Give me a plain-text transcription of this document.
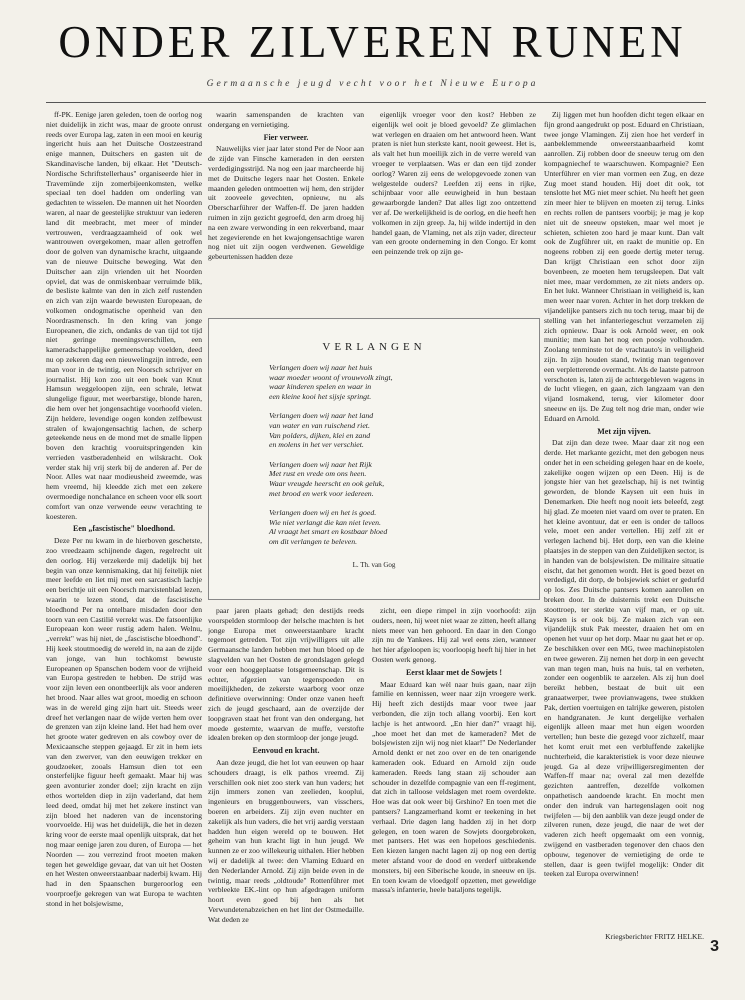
ONDER ZILVEREN RUNEN
Germaansche jeugd vecht voor het Nieuwe Europa

ff-PK. Eenige jaren geleden, toen de oorlog nog niet duidelijk in zicht was, maar de groote onrust reeds over Europa lag, zaten in een mooi en keurig ingericht huis aan het Duitsche Oostzeestrand enige mannen, Duitschers en gasten uit de Skandinavische landen, bij elkaar. Het "Deutsch-Nordische Schriftstellerhaus" organiseerde hier in Travemünde zijn zomerbijeenkomsten, welke speciaal ten doel hadden om onderling van gedachten te wisselen. De mannen uit het Noorden waren, al naar de geestelijke struktuur van iederen land dit meebracht, met meer of minder vertrouwen, verdraagzaamheid of ook wel wantrouwen overgekomen, maar allen getroffen door de golven van dynamische kracht, uitgaande van de nieuwe Duitsche beweging. Wat den Duitscher aan zijn vrienden uit het Noorden opviel, dat was de onmiskenbaar verruimde blik, de besliste kalmte van den in zich zelf rustenden en zich van zijn waarde bewusten Europeaan, de volkomen ondogmatische openheid van den Noordrasmensch. In den kring van jonge Europeanen, die zich, ondanks de van tijd tot tijd niet geringe meeningsverschillen, een kameradschappelijke gemeenschap voelden, deed nu op zekeren dag een nieuwelingzijn intrede, een man voor in de twintig, een Noorsch schrijver en journalist. Hij kon zoo uit een boek van Knut Hamsun weggeloopen zijn, een schrale, letwat slungelige figuur, met weerbarstige, blonde haren, die hem over het jongensachtige voorhoofd vielen. Zijn heldere, levendige oogen konden zelfbewust stralen of kwajongensachtig lachen, de scherp geteekende neus en de mond met de smalle lippen boven den krachtig vooruitspringenden kin verrieden vastberadenheid en wilskracht. Ook verder stak hij vrij sterk bij de anderen af. Per de Noor. Alles wat naar modieusheid zweemde, was hem vreemd, hij kleedde zich met een zekere overmoedige nonchalance en scheen voor elk soort comfort van onze verwende eeuw verachting te koesteren.

Een „fascistische" bloedhond.

Deze Per nu kwam in de hierboven geschetste, zoo vreedzaam schijnende dagen, regelrecht uit den oorlog. Hij verzekerde mij dadelijk bij het begin van onze kennismaking, dat hij feitelijk niet meer leefde en liet mij met een sarcastisch lachje een berichtje uit een Noorsch marxistenblad lezen, waarin te lezen stond, dat de fascistische bloedhond Per na ontelbare misdaden door den toorn van een Castilië verrekt was. De fatsoenlijke Europeaan kon weer rustig adem halen. Welnu, „verrekt" was hij niet, de „fascistische bloedhond". Hij keek stoutmoedig de wereld in, na aan de zijde van jonge, van hun tochkomst bewuste Europeanen op Spanschen bodem voor de vrijheid van Europa gestreden te hebben. De strijd was voor zijn leven een onontbeerlijk als voor anderen het brood. Naar alles wat groot, moedig en schoon was in de wereld ging zijn hart uit. Steeds weer dreef het verlangen naar de wijde verten hem over de grenzen van zijn kleine land. Het had hem over het groote water gedreven en als cowboy over de Mexicaansche steppen gejaagd. Er zit in hem iets van den zwerver, van den eeuwigen trekker en goudzoeker, zooals Hamsun dien tot een onsterfelijke figuur heeft gemaakt. Maar hij was geen avonturier zonder doel; zijn kracht en zijn ethos wortelden diep in zijn vaderland, dat hem leed deed, omdat hij met het zekere instinct van zijn bloed het naderen van de incenstoring voorvoelde. Hij was het duidelijk, die het in dezen kring voor de eerste maal openlijk uitsprak, dat het nog maar eenige jaren zou duren, of Europa — het Noorden — zou verrezind froot moeten maken tegen het geweldige gevaar, dat van uit het Oosten en het Westen onweerstaanbaar naderbij kwam. Hij had in den Spaanschen burgeroorlog een voorproefje gekregen van wat Europa te wachten stond in het bolsjewisme,

waarin samenspanden de krachten van ondergang en vernietiging.

Fier verweer.

Nauwelijks vier jaar later stond Per de Noor aan de zijde van Finsche kameraden in den eersten verdedigingsstrijd. Na nog een jaar marcheerde hij met de Duitsche legers naar het Oosten. Enkele maanden geleden ontmoetten wij hem, den strijder uit zooveele gevechten, opnieuw, nu als Oberscharführer der Waffen-ff. De jaren hadden ruimen in zijn gezicht gegroefd, den arm droeg hij na een zware verwonding in een rekverband, maar het zegevierende en het kwajongensachtige waren nog niet uit zijn oogen verdwenen. Geweldige gebeurtenissen hadden deze

eigenlijk vroeger voor den kost? Hebben ze eigenlijk wel ooit je bloed gevoeld? Ze glimlachen wat verlegen en draaien om het antwoord heen. Want praten is niet hun sterkste kant, nooit geweest. Het is, als valt het hun moeilijk zich in de verre wereld van vroeger te verplaatsen. Was er dan een tijd zonder oorlog? Waren zij eens de welopgevoede zonen van welgestelde ouders? Leefden zij eens in rijke, schijnbaar voor alle eeuwigheid in hun bestaan gewaarborgde landen? Dat alles ligt zoo ontzettend ver af. De werkelijkheid is de oorlog, en die heeft hen volkomen in zijn greep. Ja, hij wilde indertijd in den handel gaan, de Vlaming, net als zijn vader, directeur van een groote onderneming in den Congo. Er komt een peinzende trek op zijn ge-

VERLANGEN
Verlangen doen wij naar het huis
waar moeder woont of vrouwvolk zingt,
waar kinderen spelen en waar in
een kleine kooi het sijsje springt.
Verlangen doen wij naar het land
van water en van ruischend riet.
Van polders, dijken, klei en zand
en molens in het ver verschiet.
Verlangen doen wij naar het Rijk
Met rust en vrede om ons heen.
Waar vreugde heerscht en ook geluk,
met brood en werk voor iedereen.
Verlangen doen wij en het is goed.
Wie niet verlangt die kan niet leven.
Al vraagt het smart en kostbaar bloed
om dit verlangen te beleven.
L. Th. van Gog

paar jaren plaats gehad; den destijds reeds voorspelden stormloop der helsche machten is het jonge Europa met onweerstaanbare kracht tegemoet getreden. Tot zijn vrijwilligers uit alle Germaansche landen hebben met hun bloed op de slagvelden van het Oosten de grondslagen gelegd voor een hooggeplaatse lotsgemeenschap. Dit is echter, afgezien van tegenspoeden en moeilijkheden, de zekerste waarborg voor onze definitieve overwinning: Onder onze vanen heeft zich de jeugd geschaard, aan de overzijde der loopgraven staat het front van den ondergang, het moede gesternte, waarvan de muffe, verstofte idealen breken op den stormloop der jonge jeugd.

Eenvoud en kracht.

Aan deze jeugd, die het lot van eeuwen op haar schouders draagt, is elk pathos vreemd. Zij verschillen ook niet zoo sterk van hun vaders; het zijn immers zonen van zeelieden, kooplui, ingenieurs en bruggenbouwers, van visschers, boeren en arbeiders. Zij zijn even nuchter en zakelijk als hun vaders, die het vrij aardig verstaan hadden hun eigen wereld op te bouwen. Het geheim van hun kracht ligt in hun jeugd. We kunnen ze er zoo willekeurig uithalen. Hier hebben wij er dadelijk al twee: den Vlaming Eduard en den Nederlander Arnold. Zij zijn beide even in de twintig, maar reeds „oldtoude" Rottenführer met verbleekte EK.-lint op hun afgedragen uniform hoort even goed bij hen als het Verwundetenabzeichen en het lint der Ostmedaille. Wat deden ze

zicht, een diepe rimpel in zijn voorhoofd: zijn ouders, neen, hij weet niet waar ze zitten, heeft allang niets meer van hen gehoord. En daar in den Congo zijn nu de Yankees. Hij zal wel eens zien, wanneer het hier afgeloopen is; voorloopig heeft hij hier in het Oosten werk genoeg.

Eerst klaar met de Sowjets !

Maar Eduard kan wèl naar huis gaan, naar zijn familie en kennissen, weer naar zijn vroegere werk. Hij heeft zich destijds maar voor twee jaar verbonden, die zijn toch allang voorbij. Een kort lachje is het antwoord. „En hier dan?" vraagt hij, „hoe moet het dan met de kameraden? Met de bolsjewisten zijn wij nog niet klaar!" De Nederlander Arnold denkt er net zoo over en de ten onarigende kameraden ook. Eduard en Arnold zijn oude kameraden. Reeds lang staan zij schouder aan schouder in dezelfde compagnie van een ff-regiment, dat zich in talloose veldslagen met roem overdekte. Hoe was dat ook weer bij Grshino? En toen met die pantsers? Langzamerhand komt er teekening in het verhaal. Drie dagen lang hadden zij in het dorp gelegen, en toen waren de Sowjets doorgebroken, met pantsers. Het was een hopeloos geschiedenis. Een kiezen langen nacht lagen zij op nog een dertig meter afstand voor de dood en verderf uitbrakende monsters, bij een Siberische koude, in sneeuw en ijs. En toen kwam de vloedgolf opzetten, met geweldige massa's infanterie, heele bataljons tegelijk.

Zij liggen met hun hoofden dicht tegen elkaar en fijn grond aangedrukt op post. Eduard en Christiaan, twee jonge Vlamingen. Zij zien hoe het verderf in aanbeklemmende onweerstaanbaarheid komt aanrollen. Zij robben door de sneeuw terug om den kompagniechef te waarschuwen. Kompagnie? Een Unterführer en vier man vormen een Zug, en deze Zug moet stand houden. Hij doet dit ook, tot tenslotte het MG niet meer schiet. Nu heeft het geen zin meer hier te blijven en moeten zij terug. Links en rechts rollen de pantsers voorbij; je mag je kop niet uit de sneeuw opsteken, maar wel moet je schieten, schieten zoo hard je maar kunt. Dan valt ook de Zugführer uit, en raakt de munitie op. En nogeens robben zij een goede dertig meter terug. Dan krijgt Christiaan een schot door zijn bovenbeen, ze moeten hem terugsleepen. Dat valt niet mee, maar verdommen, ze zit niets anders op. En het lukt. Wanneer Christiaan in veiligheid is, kan men weer naar voren. Achter in het dorp trekken de vijandelijke pantsers zich nu toch terug, maar bij de stelling van het infanteriegeschut verzamelen zij zich opnieuw. Daar is ook Arnold weer, en ook munitie; men kan het nog een poosje volhouden. Zoolang tenminste tot de vrachtauto's in veiligheid zijn. In zijn houden stand, twintig man tegenover een verpletterende overmacht. Als de laatste patroon verschoten is, laten zij de achtergebleven wagens in de lucht vliegen, en gaan, zich langzaam van den vijand losmakend, terug, vier kilometer door sneeuw en ijs. De Zug telt nog drie man, onder wie Eduard en Arnold.

Met zijn vijven.

Dat zijn dan deze twee. Maar daar zit nog een derde. Het markante gezicht, met den gebogen neus onder het in een scheiding gelegen haar en de koele, zakelijke oogen wijzen op een Deen. Hij is de jongste hier van het gezelschap, hij is net twintig geworden, de blonde Kaysen uit een huis in Denemarken. Die heeft nog nooit iets beleefd, zegt hij glad. Ze moeten niet vaard om over te praten. En het kleine avontuur, dat er een is onder de talloos vele, moet een ander vertellen. Hij zelf zit er verlegen lachend bij. Het dorp, een van die kleine plaatsjes in de steppen van den Zuidelijken sector, is in handen van de bolsjewisten. De militaire situatie eischt, dat het genomen wordt. Het is goed bezet en verdedigd, dit dorp, de bolsjewiek schiet er gedurfd op los. Zes Duitsche pantsers komen aanrollen en breken door. In de duisternis trekt een Duitsche stoottroep, ter sterkte van vijf man, er op uit. Kaysen is er ook bij. Ze maken zich van een vijandelijk stuk Pak meester, draaien het om en openen het vuur op het dorp. Maar nu gaat het er op. Ze beschikken over een MG, twee machinepistolen en twee geweren. Zij nemen het dorp in een gevecht van man tegen man, huis na huis, tal en verheten, zonder een oogenblik te aarzelen. Als zij hun doel bereikt hebben, bestaat de buit uit een granaatwerper, twee provianwagens, twee stukken Pak, dertien voertuigen en talrijke geweren, pistolen en handgranaten. Je kunt dergelijke verhalen eigenlijk alleen maar met hun eigen woorden vertellen; hun beste die gezegd voor zichzelf, maar het komt eruit met een verbluffende zakelijke nuchterheid, die karakteristiek is voor deze nieuwe jeugd. Ga al deze vrijwilligersregimenten der Waffen-ff maar na; overal zal men dezelfde gezichten aantreffen, dezelfde volkomen onpathetisch aandoende kracht. En mocht men onder den indruk van hartegenslagen ooit nog twijfelen — bij den aanblik van deze jeugd onder de zilveren runen, deze jeugd, die naar de wet der vaderen zich heeft opgemaakt om een vonnig, zwijgend en vastberaden tegenover den chaos den opbouw, tegenover de vernietiging de orde te stellen, daar is geen twijfel mogelijk: Onder dit teeken zal Europa overwinnen!

Kriegsberichter FRITZ HELKE.
3
